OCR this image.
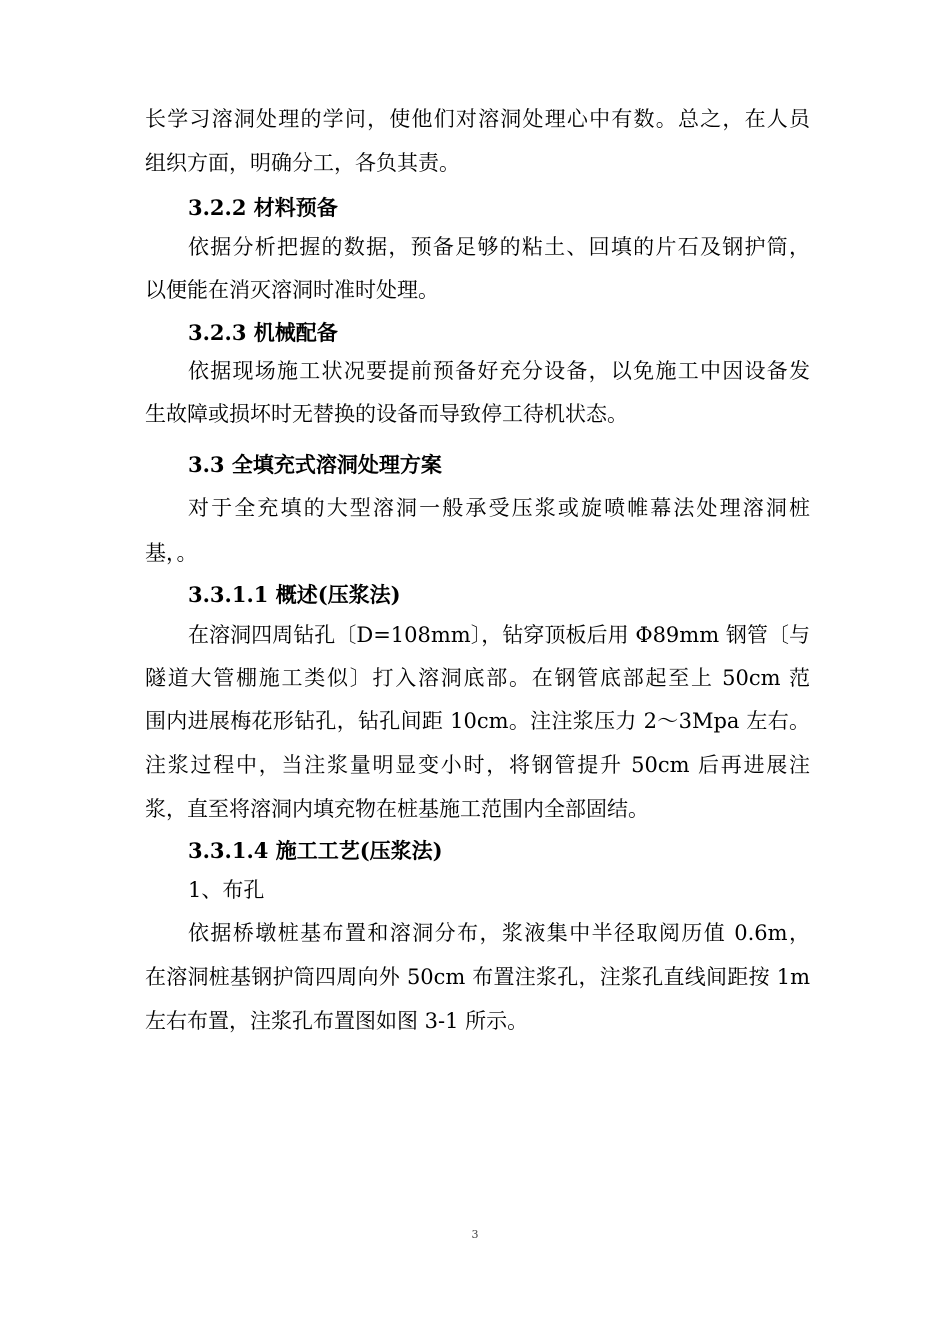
长学习溶洞处理的学问，使他们对溶洞处理心中有数。总之，在人员
组织方面，明确分工，各负其责。
3.2.2 材料预备
依据分析把握的数据，预备足够的粘土、回填的片石及钢护筒，
以便能在消灭溶洞时准时处理。
3.2.3 机械配备
依据现场施工状况要提前预备好充分设备，以免施工中因设备发
生故障或损坏时无替换的设备而导致停工待机状态。
3.3 全填充式溶洞处理方案
对于全充填的大型溶洞一般承受压浆或旋喷帷幕法处理溶洞桩
基，。
3.3.1.1 概述(压浆法)
在溶洞四周钻孔〔D=108mm〕，钻穿顶板后用 Φ89mm 钢管〔与
隧道大管棚施工类似〕打入溶洞底部。在钢管底部起至上 50cm 范
围内进展梅花形钻孔，钻孔间距 10cm。注注浆压力 2～3Mpa 左右。
注浆过程中，当注浆量明显变小时，将钢管提升 50cm 后再进展注
浆，直至将溶洞内填充物在桩基施工范围内全部固结。
3.3.1.4 施工工艺(压浆法)
1、布孔
依据桥墩桩基布置和溶洞分布，浆液集中半径取阅历值 0.6m，
在溶洞桩基钢护筒四周向外 50cm 布置注浆孔，注浆孔直线间距按 1m
左右布置，注浆孔布置图如图 3-1 所示。
3
